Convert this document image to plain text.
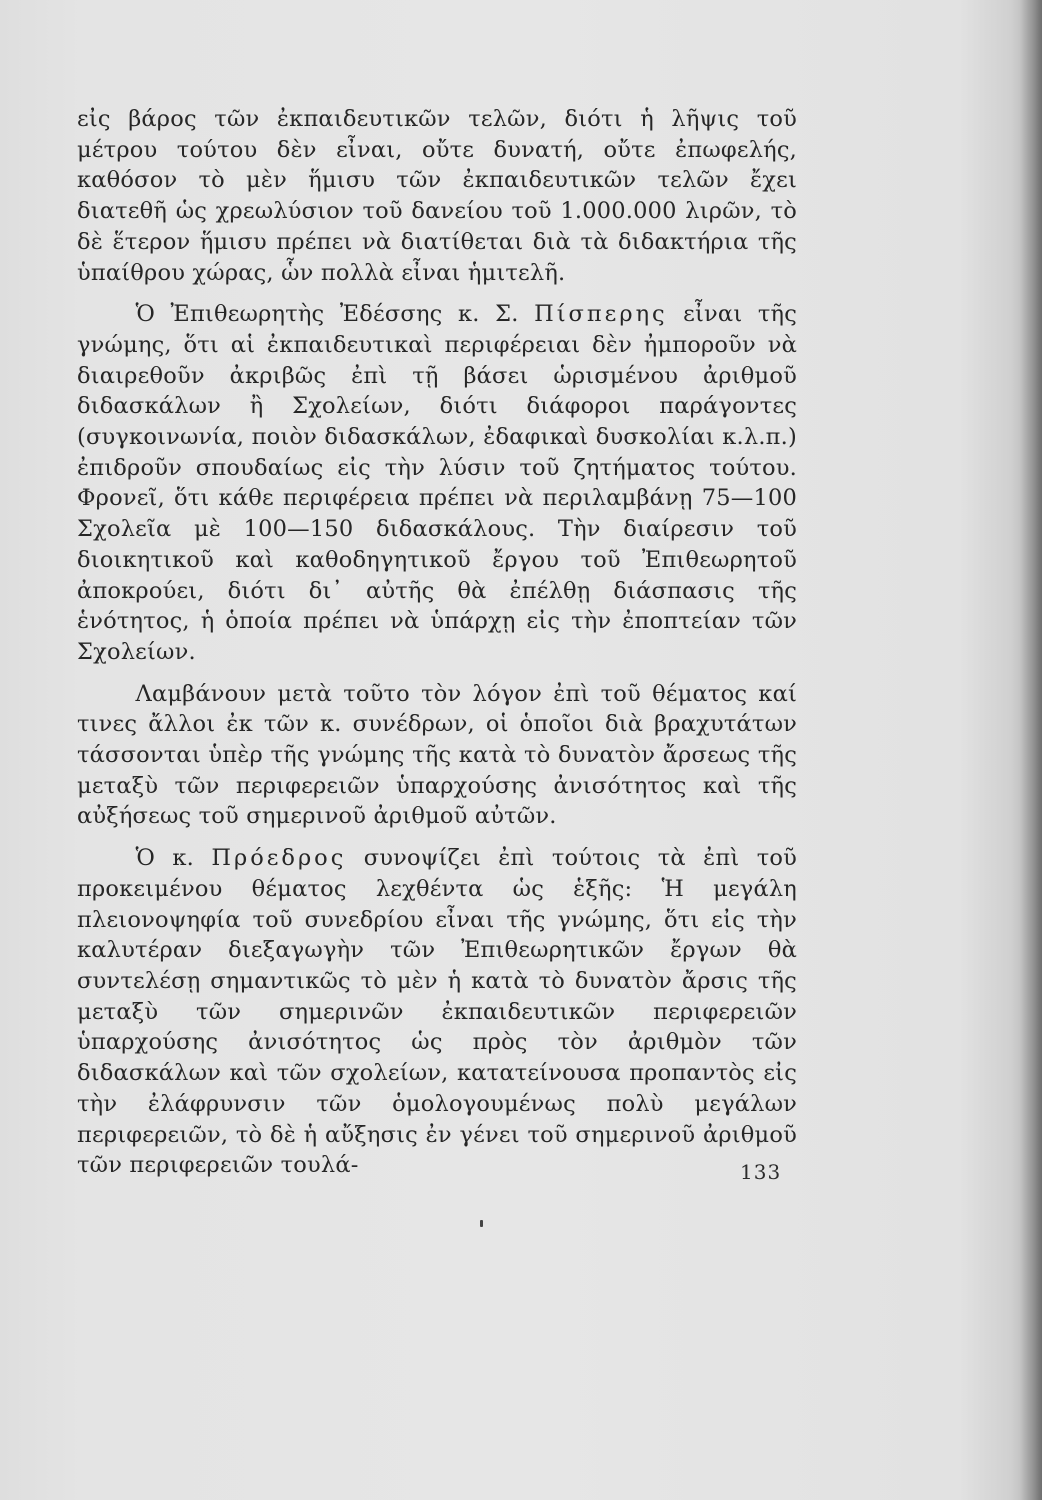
εἰς βάρος τῶν ἐκπαιδευτικῶν τελῶν, διότι ἡ λῆψις τοῦ μέτρου τούτου δὲν εἶναι, οὔτε δυνατή, οὔτε ἐπωφελής, καθόσον τὸ μὲν ἥμισυ τῶν ἐκπαιδευτικῶν τελῶν ἔχει διατεθῆ ὡς χρεωλύσιον τοῦ δανείου τοῦ 1.000.000 λιρῶν, τὸ δὲ ἕτερον ἥμισυ πρέπει νὰ διατίθεται διὰ τὰ διδακτήρια τῆς ὑπαίθρου χώρας, ὧν πολλὰ εἶναι ἡμιτελῆ.

Ὁ Ἐπιθεωρητὴς Ἐδέσσης κ. Σ. Πίσπερης εἶναι τῆς γνώμης, ὅτι αἱ ἐκπαιδευτικαὶ περιφέρειαι δὲν ἠμποροῦν νὰ διαιρεθοῦν ἀκριβῶς ἐπὶ τῇ βάσει ὡρισμένου ἀριθμοῦ διδασκάλων ἢ Σχολείων, διότι διάφοροι παράγοντες (συγκοινωνία, ποιὸν διδασκάλων, ἐδαφικαὶ δυσκολίαι κ.λ.π.) ἐπιδροῦν σπουδαίως εἰς τὴν λύσιν τοῦ ζητήματος τούτου. Φρονεῖ, ὅτι κάθε περιφέρεια πρέπει νὰ περιλαμβάνῃ 75—100 Σχολεῖα μὲ 100—150 διδασκάλους. Τὴν διαίρεσιν τοῦ διοικητικοῦ καὶ καθοδηγητικοῦ ἔργου τοῦ Ἐπιθεωρητοῦ ἀποκρούει, διότι δι᾿ αὐτῆς θὰ ἐπέλθῃ διάσπασις τῆς ἑνότητος, ἡ ὁποία πρέπει νὰ ὑπάρχῃ εἰς τὴν ἐποπτείαν τῶν Σχολείων.

Λαμβάνουν μετὰ τοῦτο τὸν λόγον ἐπὶ τοῦ θέματος καί τινες ἄλλοι ἐκ τῶν κ. συνέδρων, οἱ ὁποῖοι διὰ βραχυτάτων τάσσονται ὑπὲρ τῆς γνώμης τῆς κατὰ τὸ δυνατὸν ἄρσεως τῆς μεταξὺ τῶν περιφερειῶν ὑπαρχούσης ἀνισότητος καὶ τῆς αὐξήσεως τοῦ σημερινοῦ ἀριθμοῦ αὐτῶν.

Ὁ κ. Πρόεδρος συνοψίζει ἐπὶ τούτοις τὰ ἐπὶ τοῦ προκειμένου θέματος λεχθέντα ὡς ἑξῆς: Ἡ μεγάλη πλειονοψηφία τοῦ συνεδρίου εἶναι τῆς γνώμης, ὅτι εἰς τὴν καλυτέραν διεξαγωγὴν τῶν Ἐπιθεωρητικῶν ἔργων θὰ συντελέσῃ σημαντικῶς τὸ μὲν ἡ κατὰ τὸ δυνατὸν ἄρσις τῆς μεταξὺ τῶν σημερινῶν ἐκπαιδευτικῶν περιφερειῶν ὑπαρχούσης ἀνισότητος ὡς πρὸς τὸν ἀριθμὸν τῶν διδασκάλων καὶ τῶν σχολείων, κατατείνουσα προπαντὸς εἰς τὴν ἐλάφρυνσιν τῶν ὁμολογουμένως πολὺ μεγάλων περιφερειῶν, τὸ δὲ ἡ αὔξησις ἐν γένει τοῦ σημερινοῦ ἀριθμοῦ τῶν περιφερειῶν τουλά-	133
